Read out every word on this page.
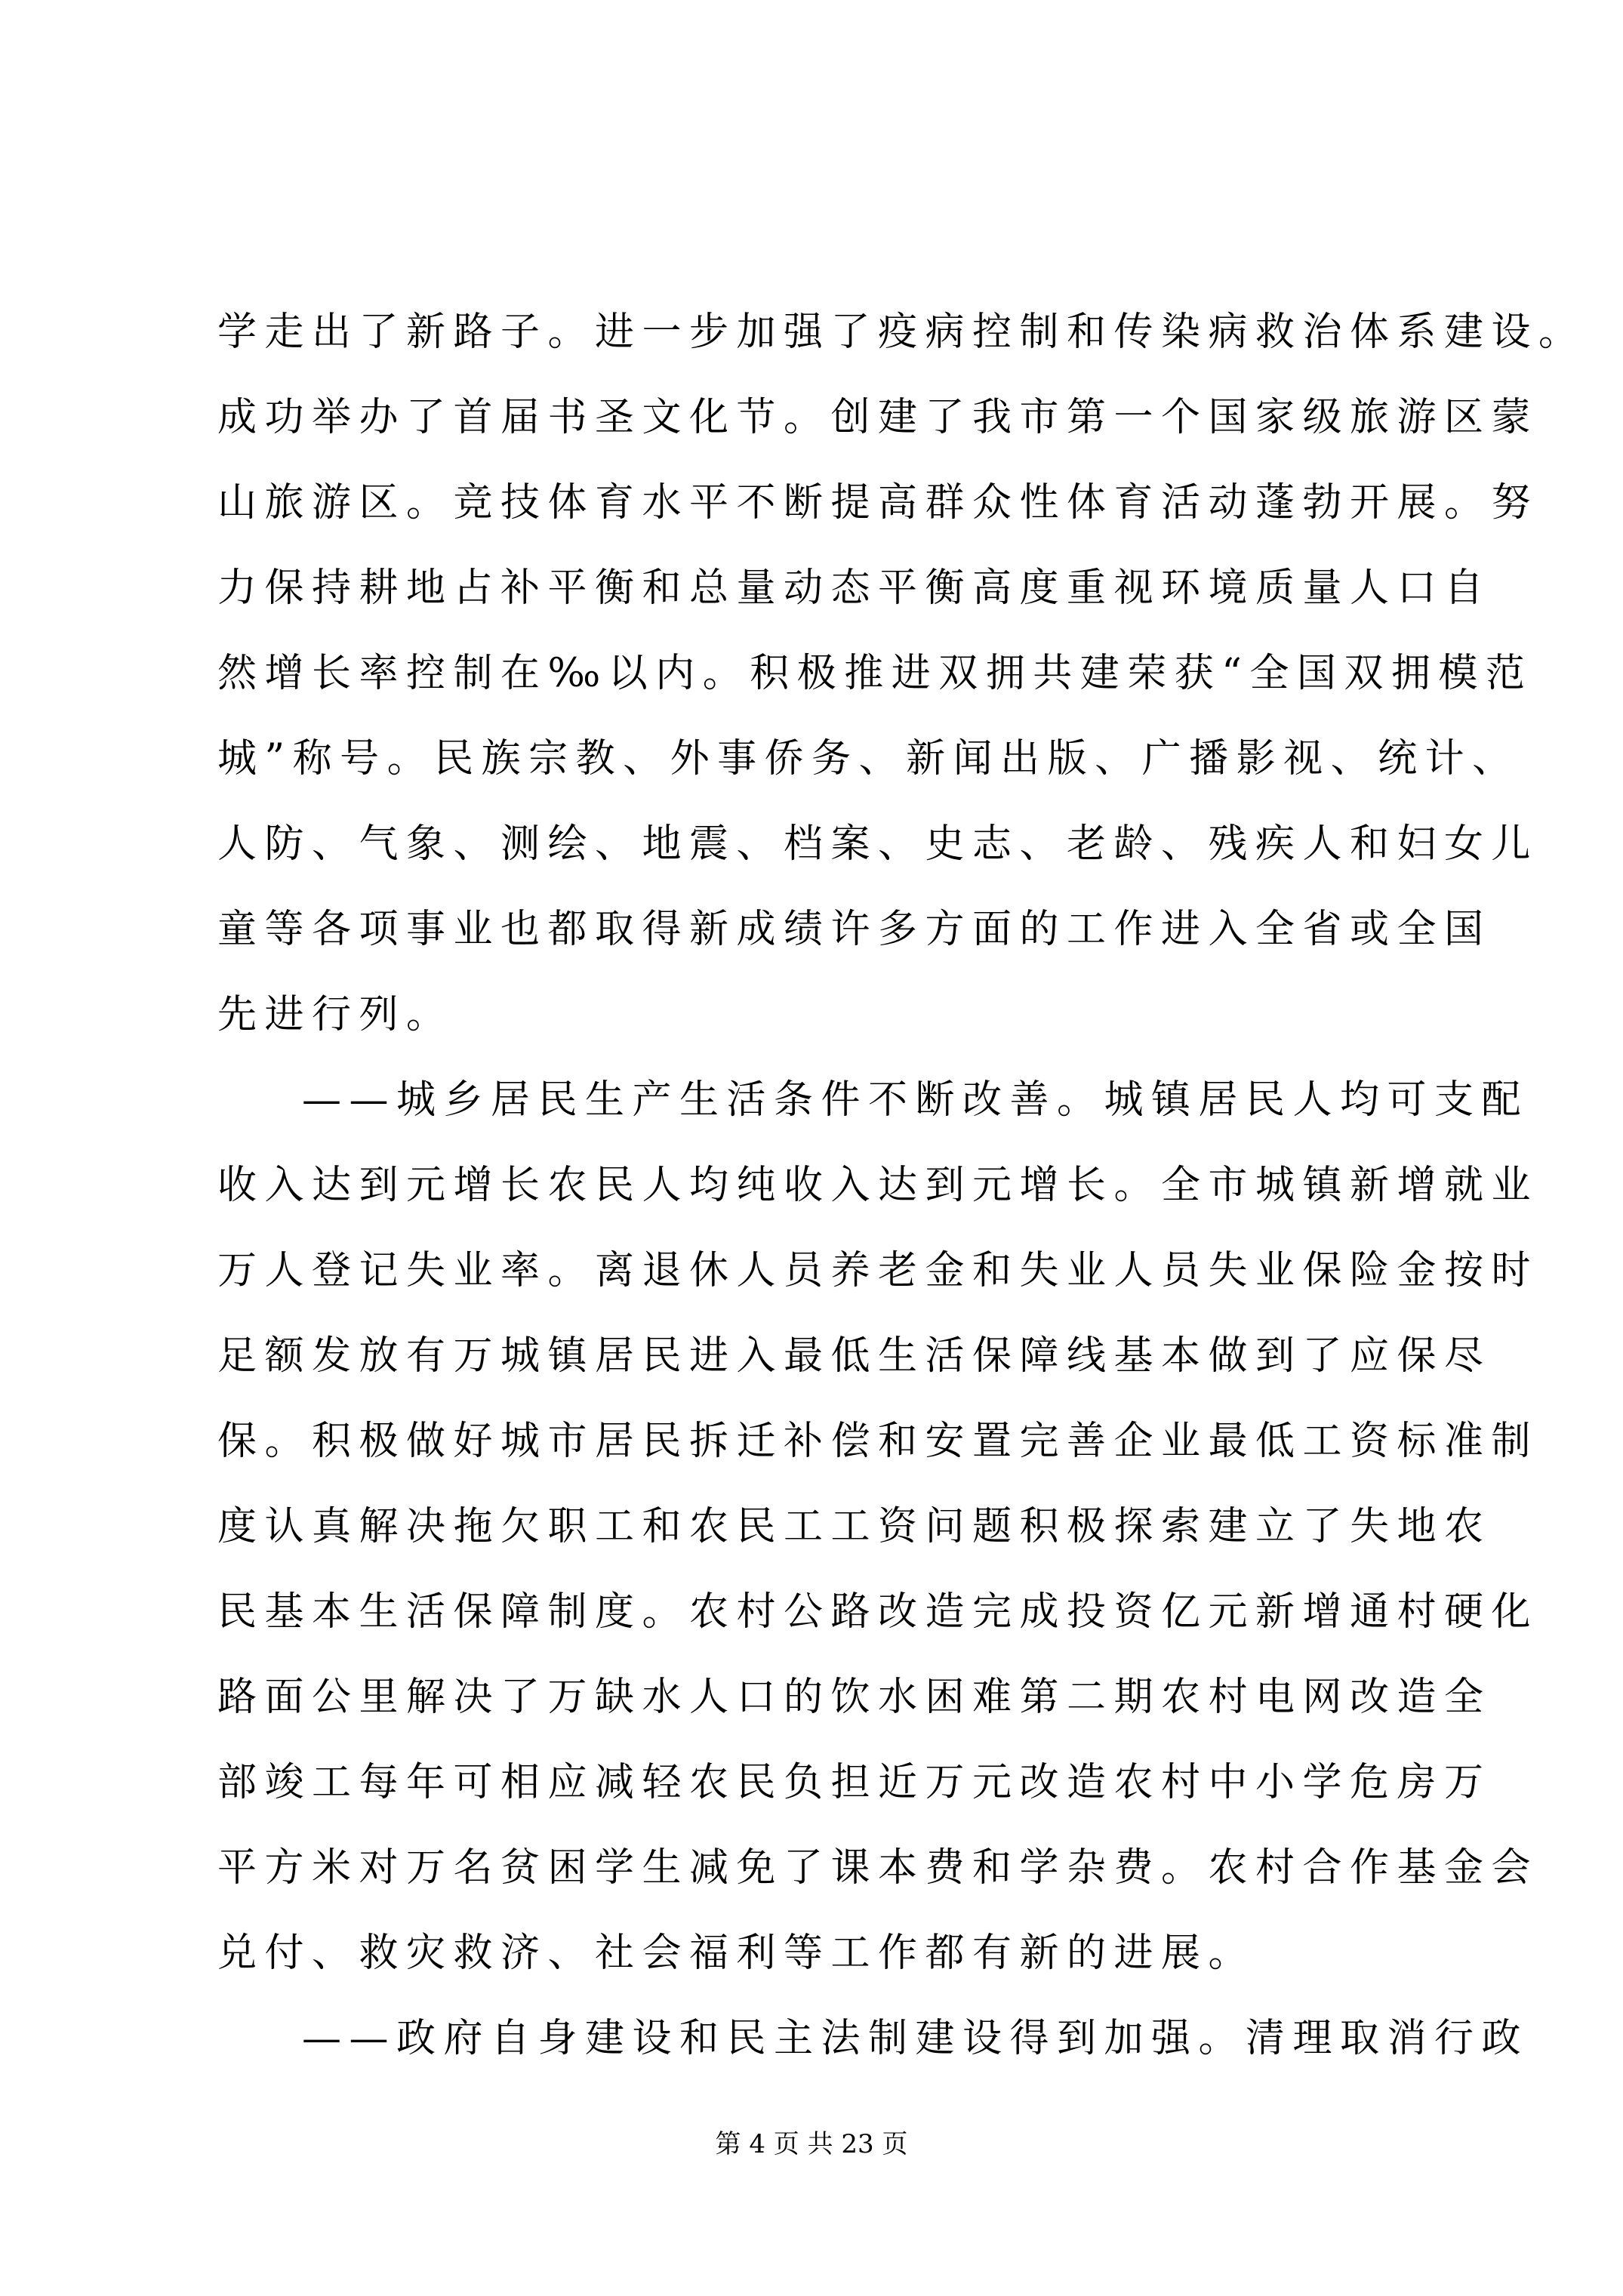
学走出了新路子。进一步加强了疫病控制和传染病救治体系建设。
成功举办了首届书圣文化节。创建了我市第一个国家级旅游区蒙
山旅游区。竞技体育水平不断提高群众性体育活动蓬勃开展。努
力保持耕地占补平衡和总量动态平衡高度重视环境质量人口自
然增长率控制在‰以内。积极推进双拥共建荣获“全国双拥模范
城”称号。民族宗教、外事侨务、新闻出版、广播影视、统计、
人防、气象、测绘、地震、档案、史志、老龄、残疾人和妇女儿
童等各项事业也都取得新成绩许多方面的工作进入全省或全国
先进行列。
——城乡居民生产生活条件不断改善。城镇居民人均可支配
收入达到元增长农民人均纯收入达到元增长。全市城镇新增就业
万人登记失业率。离退休人员养老金和失业人员失业保险金按时
足额发放有万城镇居民进入最低生活保障线基本做到了应保尽
保。积极做好城市居民拆迁补偿和安置完善企业最低工资标准制
度认真解决拖欠职工和农民工工资问题积极探索建立了失地农
民基本生活保障制度。农村公路改造完成投资亿元新增通村硬化
路面公里解决了万缺水人口的饮水困难第二期农村电网改造全
部竣工每年可相应减轻农民负担近万元改造农村中小学危房万
平方米对万名贫困学生减免了课本费和学杂费。农村合作基金会
兑付、救灾救济、社会福利等工作都有新的进展。
——政府自身建设和民主法制建设得到加强。清理取消行政
第 4 页 共 23 页
